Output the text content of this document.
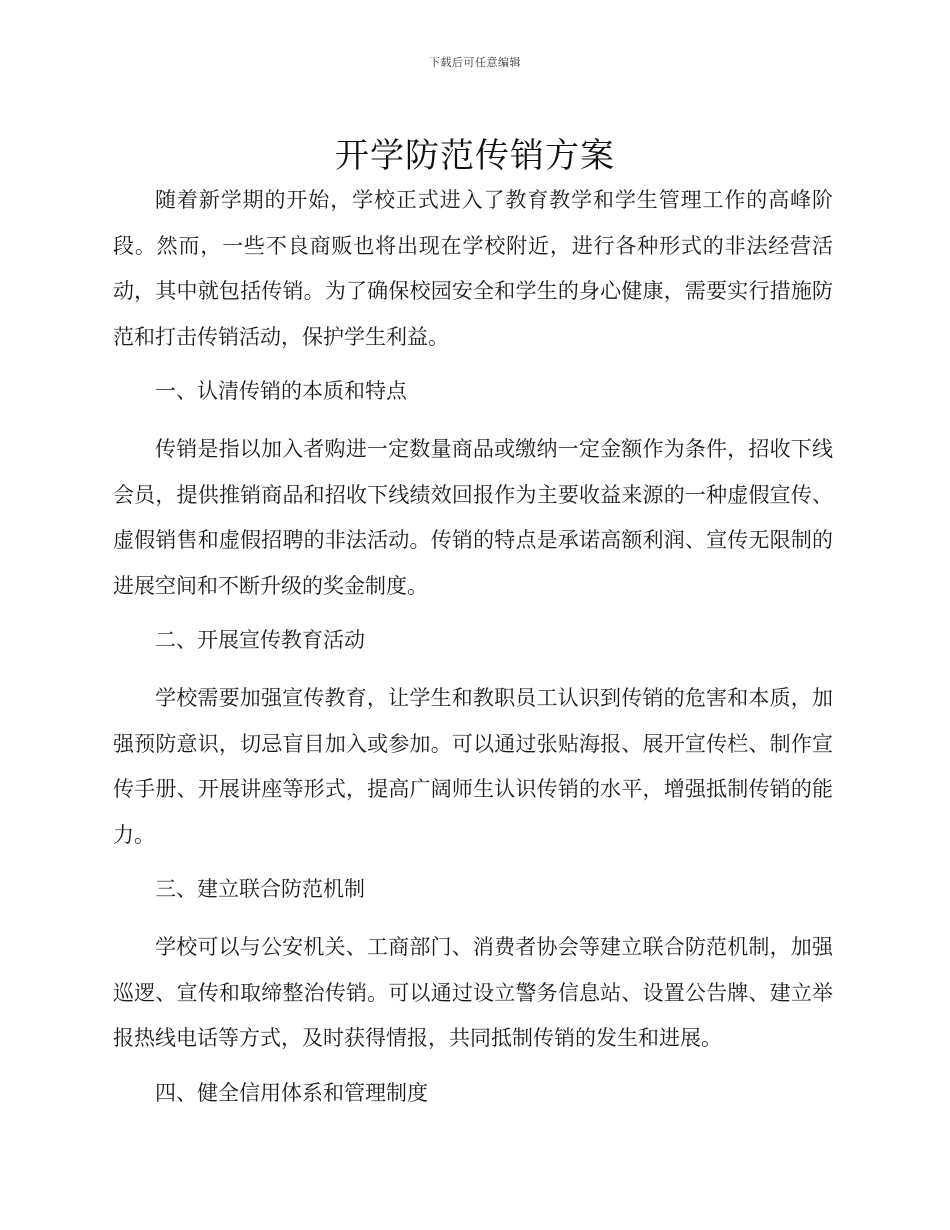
下载后可任意编辑
开学防范传销方案

随着新学期的开始，学校正式进入了教育教学和学生管理工作的高峰阶段。然而，一些不良商贩也将出现在学校附近，进行各种形式的非法经营活动，其中就包括传销。为了确保校园安全和学生的身心健康，需要实行措施防范和打击传销活动，保护学生利益。

一、认清传销的本质和特点

传销是指以加入者购进一定数量商品或缴纳一定金额作为条件，招收下线会员，提供推销商品和招收下线绩效回报作为主要收益来源的一种虚假宣传、虚假销售和虚假招聘的非法活动。传销的特点是承诺高额利润、宣传无限制的进展空间和不断升级的奖金制度。

二、开展宣传教育活动

学校需要加强宣传教育，让学生和教职员工认识到传销的危害和本质，加强预防意识，切忌盲目加入或参加。可以通过张贴海报、展开宣传栏、制作宣传手册、开展讲座等形式，提高广阔师生认识传销的水平，增强抵制传销的能力。

三、建立联合防范机制

学校可以与公安机关、工商部门、消费者协会等建立联合防范机制，加强巡逻、宣传和取缔整治传销。可以通过设立警务信息站、设置公告牌、建立举报热线电话等方式，及时获得情报，共同抵制传销的发生和进展。

四、健全信用体系和管理制度
